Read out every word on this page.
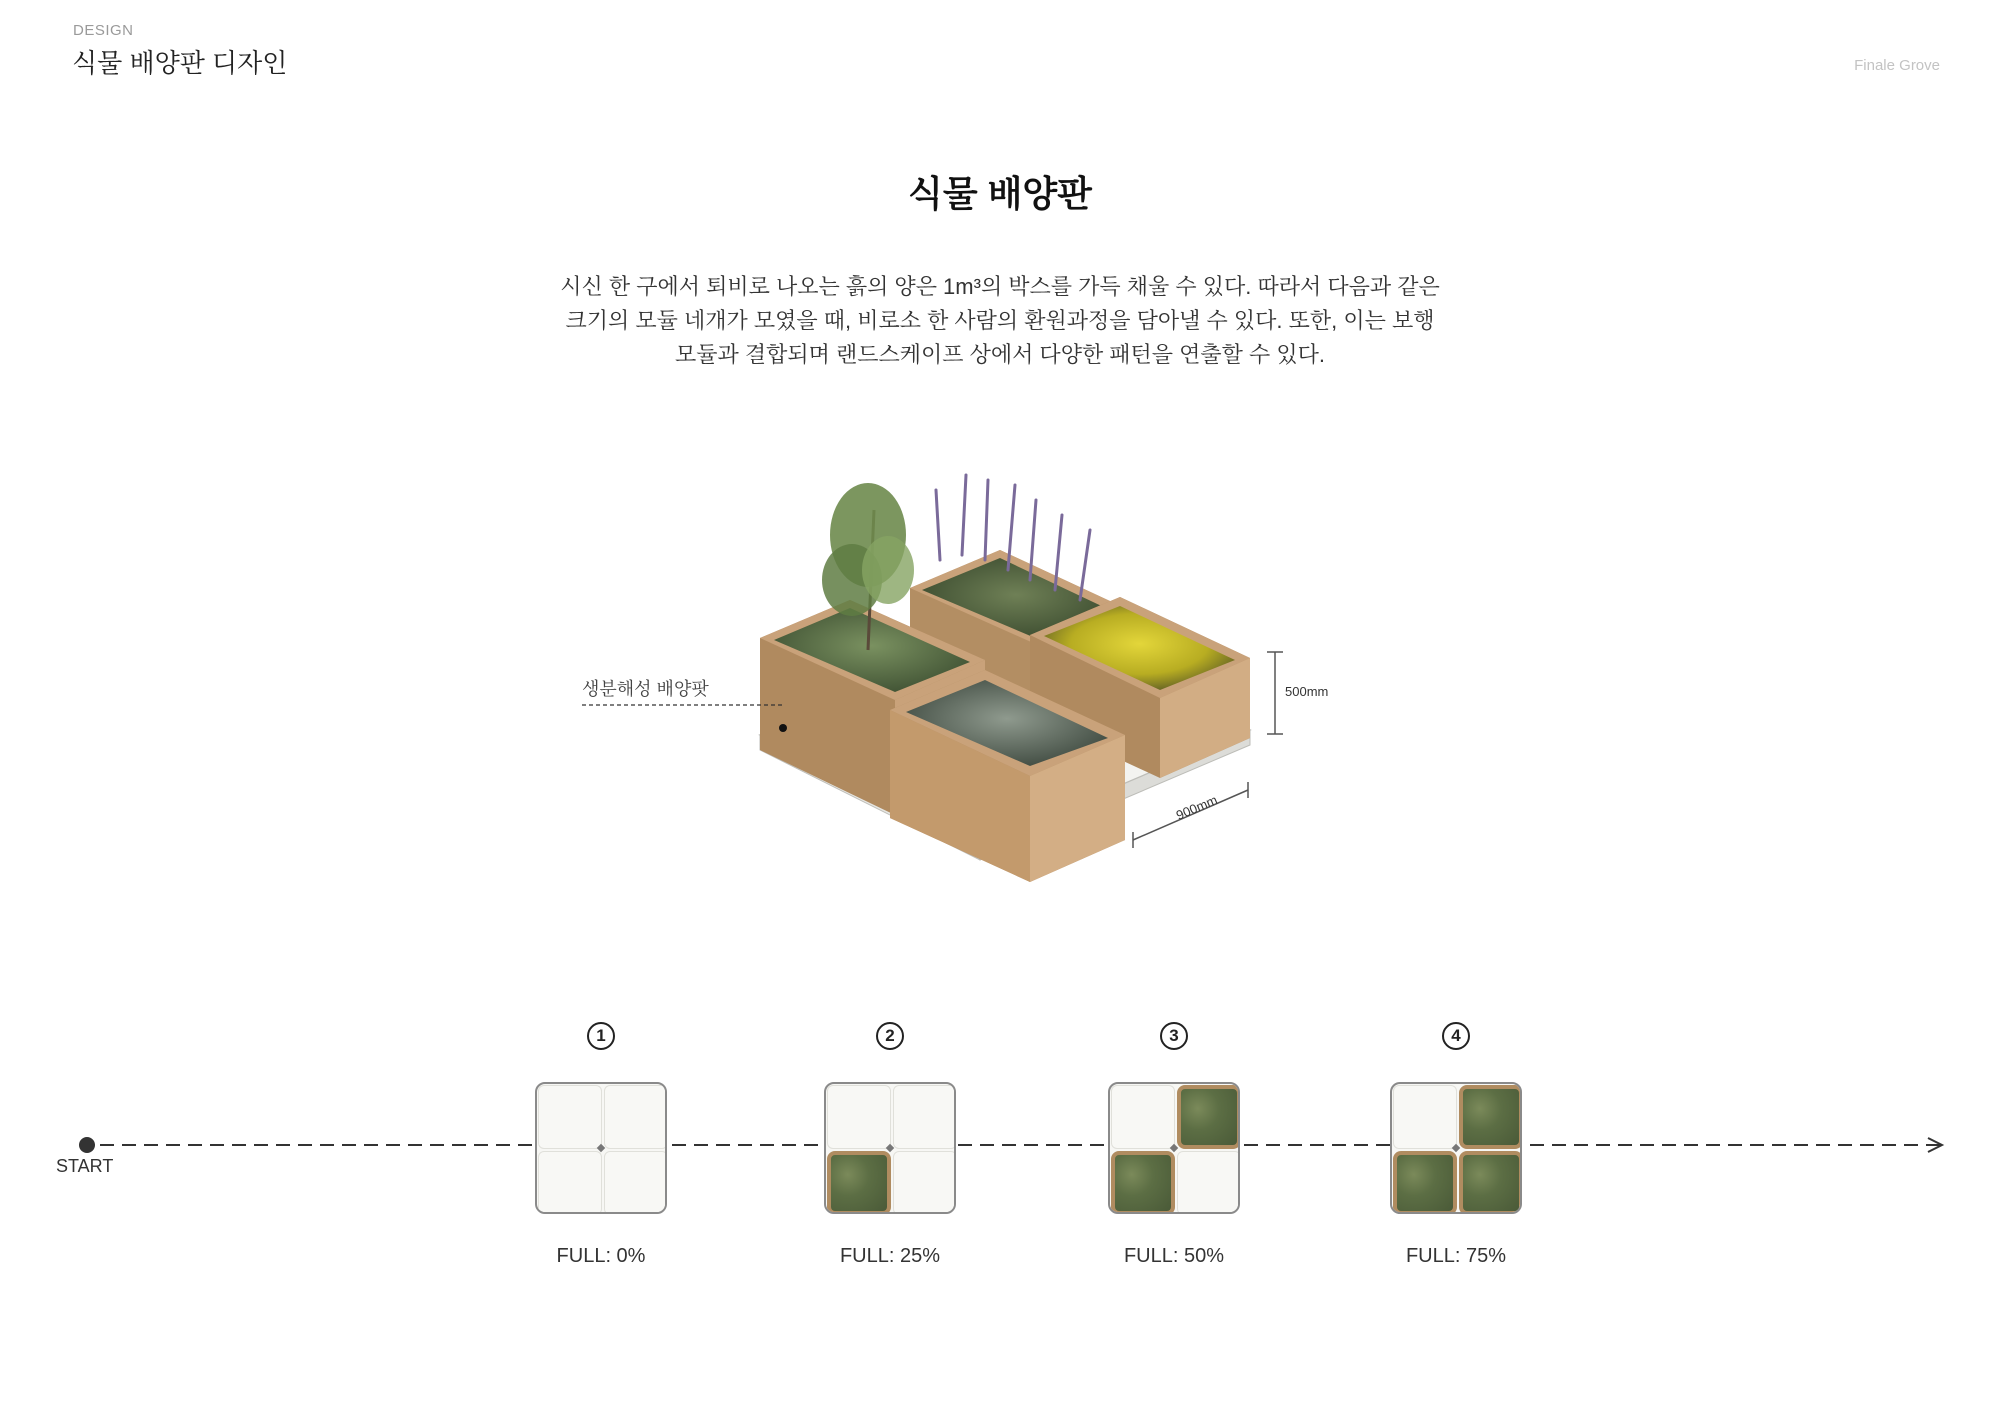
DESIGN
식물 배양판 디자인	Finale Grove
식물 배양판
시신 한 구에서 퇴비로 나오는 흙의 양은 1m³의 박스를 가득 채울 수 있다. 따라서 다음과 같은
크기의 모듈 네개가 모였을 때, 비로소 한 사람의 환원과정을 담아낼 수 있다. 또한, 이는 보행
모듈과 결합되며 랜드스케이프 상에서 다양한 패턴을 연출할 수 있다.
생분해성 배양팟	500mm
900mm
START
1
FULL: 0%
2
FULL: 25%
3
FULL: 50%
4
FULL: 75%
